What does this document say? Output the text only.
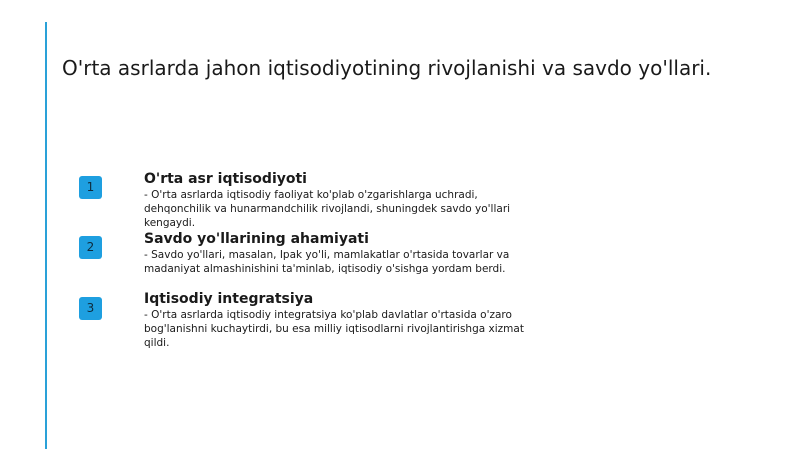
O'rta asrlarda jahon iqtisodiyotining rivojlanishi va savdo yo'llari.
1	O'rta asr iqtisodiyoti
- O'rta asrlarda iqtisodiy faoliyat ko'plab o'zgarishlarga uchradi, dehqonchilik va hunarmandchilik rivojlandi, shuningdek savdo yo'llari kengaydi.
2	Savdo yo'llarining ahamiyati
- Savdo yo'llari, masalan, Ipak yo'li, mamlakatlar o'rtasida tovarlar va madaniyat almashinishini ta'minlab, iqtisodiy o'sishga yordam berdi.
3
Iqtisodiy integratsiya
- O'rta asrlarda iqtisodiy integratsiya ko'plab davlatlar o'rtasida o'zaro bog'lanishni kuchaytirdi, bu esa milliy iqtisodlarni rivojlantirishga xizmat qildi.
